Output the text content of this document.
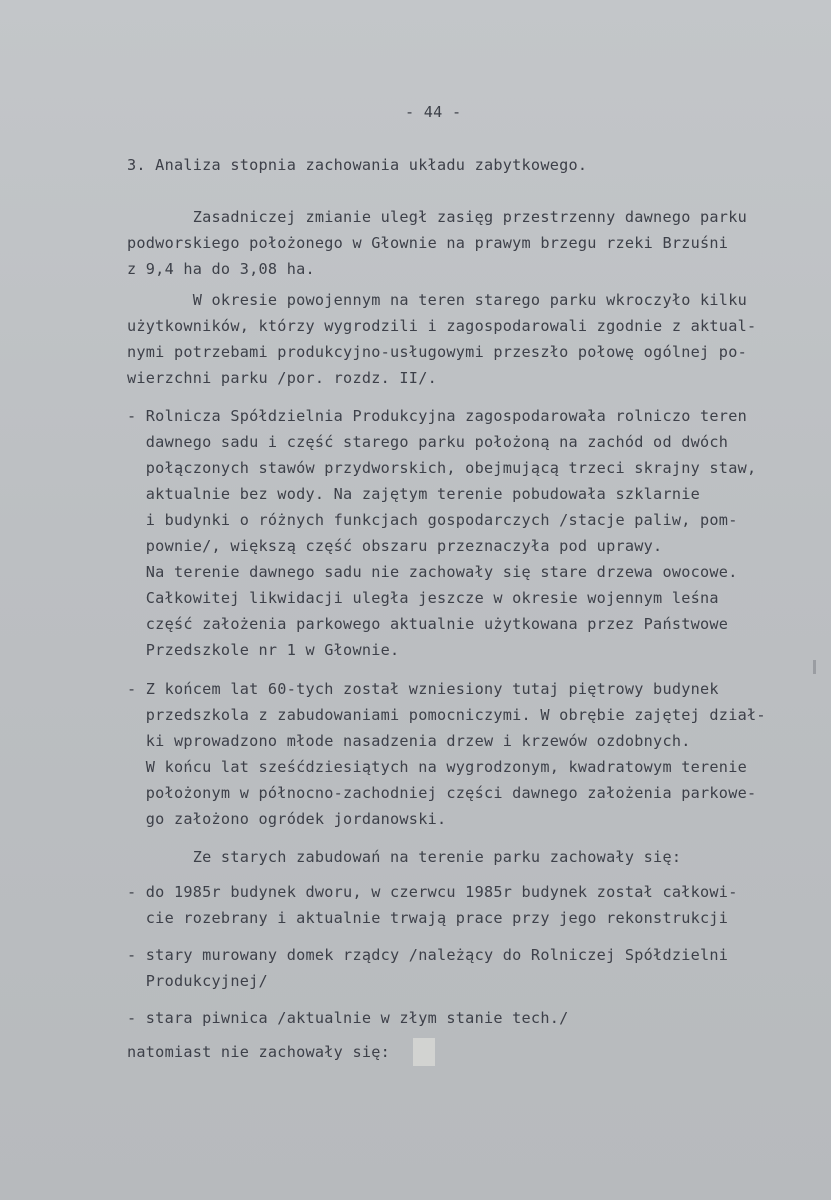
- 44 -
3. Analiza stopnia zachowania układu zabytkowego.
Zasadniczej zmianie uległ zasięg przestrzenny dawnego parku
podworskiego położonego w Głownie na prawym brzegu rzeki Brzuśni
z 9,4 ha do 3,08 ha.
W okresie powojennym na teren starego parku wkroczyło kilku
użytkowników, którzy wygrodzili i zagospodarowali zgodnie z aktual-
nymi potrzebami produkcyjno-usługowymi przeszło połowę ogólnej po-
wierzchni parku /por. rozdz. II/.
- Rolnicza Spółdzielnia Produkcyjna zagospodarowała rolniczo teren
dawnego sadu i część starego parku położoną na zachód od dwóch
połączonych stawów przydworskich, obejmującą trzeci skrajny staw,
aktualnie bez wody. Na zajętym terenie pobudowała szklarnie
i budynki o różnych funkcjach gospodarczych /stacje paliw, pom-
pownie/, większą część obszaru przeznaczyła pod uprawy.
Na terenie dawnego sadu nie zachowały się stare drzewa owocowe.
Całkowitej likwidacji uległa jeszcze w okresie wojennym leśna
część założenia parkowego aktualnie użytkowana przez Państwowe
Przedszkole nr 1 w Głownie.
- Z końcem lat 60-tych został wzniesiony tutaj piętrowy budynek
przedszkola z zabudowaniami pomocniczymi. W obrębie zajętej dział-
ki wprowadzono młode nasadzenia drzew i krzewów ozdobnych.
W końcu lat sześćdziesiątych na wygrodzonym, kwadratowym terenie
położonym w północno-zachodniej części dawnego założenia parkowe-
go założono ogródek jordanowski.
Ze starych zabudowań na terenie parku zachowały się:
- do 1985r budynek dworu, w czerwcu 1985r budynek został całkowi-
cie rozebrany i aktualnie trwają prace przy jego rekonstrukcji
- stary murowany domek rządcy /należący do Rolniczej Spółdzielni
Produkcyjnej/
- stara piwnica /aktualnie w złym stanie tech./
natomiast nie zachowały się:
